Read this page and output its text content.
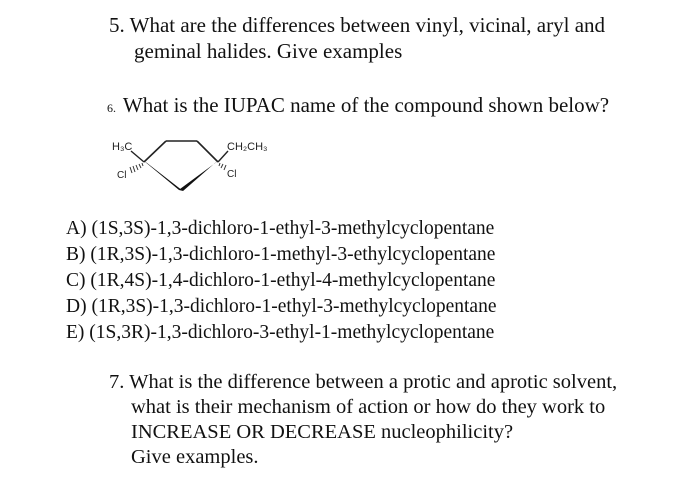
5. What are the differences between vinyl, vicinal, aryl and
geminal halides. Give examples
6. What is the IUPAC name of the compound shown below?
H₃C	CH₂CH₃
Cl	Cl
A) (1S,3S)-1,3-dichloro-1-ethyl-3-methylcyclopentane
B) (1R,3S)-1,3-dichloro-1-methyl-3-ethylcyclopentane
C) (1R,4S)-1,4-dichloro-1-ethyl-4-methylcyclopentane
D) (1R,3S)-1,3-dichloro-1-ethyl-3-methylcyclopentane
E) (1S,3R)-1,3-dichloro-3-ethyl-1-methylcyclopentane
7. What is the difference between a protic and aprotic solvent,
what is their mechanism of action or how do they work to
INCREASE OR DECREASE nucleophilicity?
Give examples.
